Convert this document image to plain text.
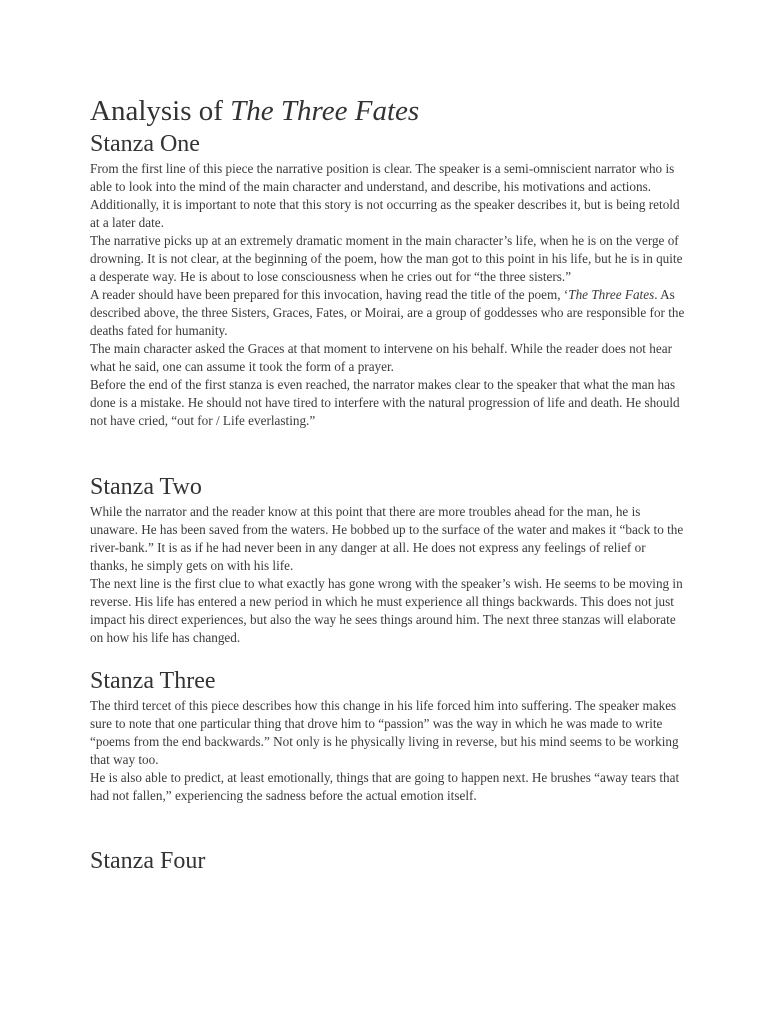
Analysis of The Three Fates
Stanza One

From the first line of this piece the narrative position is clear. The speaker is a semi-omniscient narrator who is able to look into the mind of the main character and understand, and describe, his motivations and actions. Additionally, it is important to note that this story is not occurring as the speaker describes it, but is being retold at a later date.

The narrative picks up at an extremely dramatic moment in the main character’s life, when he is on the verge of drowning. It is not clear, at the beginning of the poem, how the man got to this point in his life, but he is in quite a desperate way. He is about to lose consciousness when he cries out for “the three sisters.”

A reader should have been prepared for this invocation, having read the title of the poem, ‘The Three Fates. As described above, the three Sisters, Graces, Fates, or Moirai, are a group of goddesses who are responsible for the deaths fated for humanity.

The main character asked the Graces at that moment to intervene on his behalf. While the reader does not hear what he said, one can assume it took the form of a prayer.

Before the end of the first stanza is even reached, the narrator makes clear to the speaker that what the man has done is a mistake. He should not have tired to interfere with the natural progression of life and death. He should not have cried, “out for / Life everlasting.”

Stanza Two

While the narrator and the reader know at this point that there are more troubles ahead for the man, he is unaware. He has been saved from the waters. He bobbed up to the surface of the water and makes it “back to the river-bank.” It is as if he had never been in any danger at all. He does not express any feelings of relief or thanks, he simply gets on with his life.

The next line is the first clue to what exactly has gone wrong with the speaker’s wish. He seems to be moving in reverse. His life has entered a new period in which he must experience all things backwards. This does not just impact his direct experiences, but also the way he sees things around him. The next three stanzas will elaborate on how his life has changed.

Stanza Three

The third tercet of this piece describes how this change in his life forced him into suffering. The speaker makes sure to note that one particular thing that drove him to “passion” was the way in which he was made to write “poems from the end backwards.” Not only is he physically living in reverse, but his mind seems to be working that way too.

He is also able to predict, at least emotionally, things that are going to happen next. He brushes “away tears that had not fallen,” experiencing the sadness before the actual emotion itself.

Stanza Four
